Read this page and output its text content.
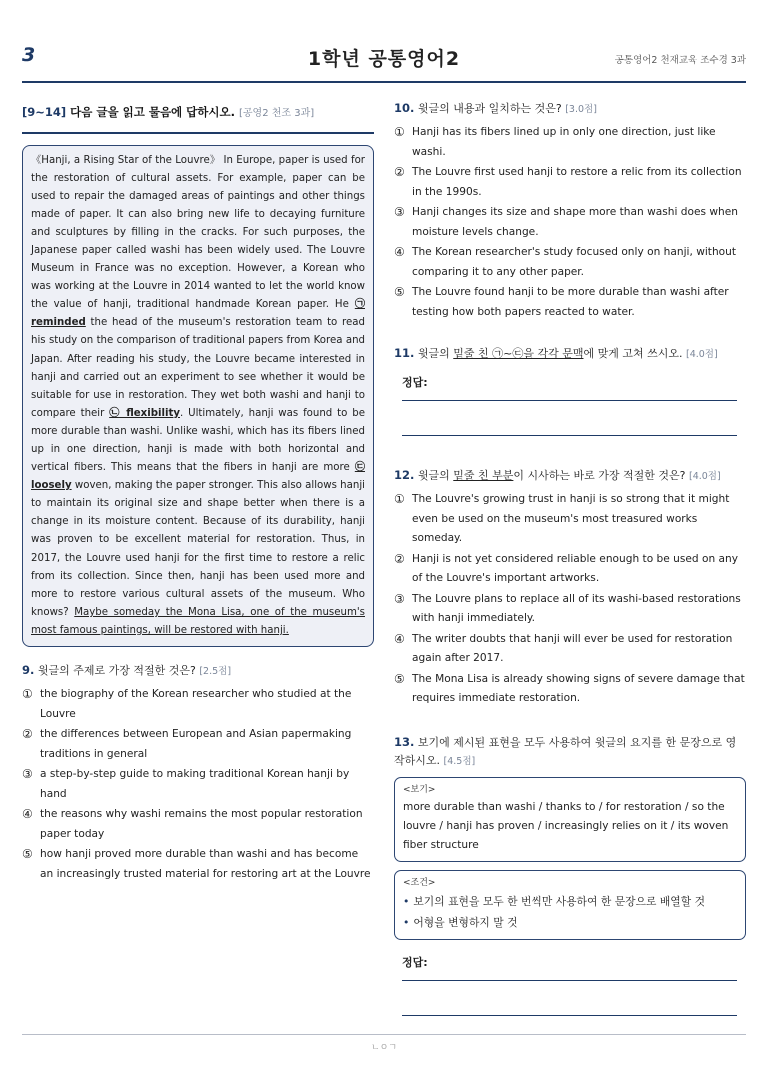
1학년 공통영어2
3	공통영어2 천재교육 조수경 3과
[9~14] 다음 글을 읽고 물음에 답하시오. [공영2 천조 3과]
《Hanji, a Rising Star of the Louvre》 In Europe, paper is used for the restoration of cultural assets. For example, paper can be used to repair the damaged areas of paintings and other things made of paper. It can also bring new life to decaying furniture and sculptures by filling in the cracks. For such purposes, the Japanese paper called washi has been widely used. The Louvre Museum in France was no exception. However, a Korean who was working at the Louvre in 2014 wanted to let the world know the value of hanji, traditional handmade Korean paper. He ㉠ reminded the head of the museum's restoration team to read his study on the comparison of traditional papers from Korea and Japan. After reading his study, the Louvre became interested in hanji and carried out an experiment to see whether it would be suitable for use in restoration. They wet both washi and hanji to compare their ㉡ flexibility. Ultimately, hanji was found to be more durable than washi. Unlike washi, which has its fibers lined up in one direction, hanji is made with both horizontal and vertical fibers. This means that the fibers in hanji are more ㉢ loosely woven, making the paper stronger. This also allows hanji to maintain its original size and shape better when there is a change in its moisture content. Because of its durability, hanji was proven to be excellent material for restoration. Thus, in 2017, the Louvre used hanji for the first time to restore a relic from its collection. Since then, hanji has been used more and more to restore various cultural assets of the museum. Who knows? Maybe someday the Mona Lisa, one of the museum's most famous paintings, will be restored with hanji.
9. 윗글의 주제로 가장 적절한 것은? [2.5점]
① the biography of the Korean researcher who studied at the Louvre
② the differences between European and Asian papermaking traditions in general
③ a step-by-step guide to making traditional Korean hanji by hand
④ the reasons why washi remains the most popular restoration paper today
⑤ how hanji proved more durable than washi and has become an increasingly trusted material for restoring art at the Louvre
10. 윗글의 내용과 일치하는 것은? [3.0점]
① Hanji has its fibers lined up in only one direction, just like washi.
② The Louvre first used hanji to restore a relic from its collection in the 1990s.
③ Hanji changes its size and shape more than washi does when moisture levels change.
④ The Korean researcher's study focused only on hanji, without comparing it to any other paper.
⑤ The Louvre found hanji to be more durable than washi after testing how both papers reacted to water.
11. 윗글의 밑줄 친 ㉠~㉢을 각각 문맥에 맞게 고쳐 쓰시오. [4.0점]
정답:
12. 윗글의 밑줄 친 부분이 시사하는 바로 가장 적절한 것은? [4.0점]
① The Louvre's growing trust in hanji is so strong that it might even be used on the museum's most treasured works someday.
② Hanji is not yet considered reliable enough to be used on any of the Louvre's important artworks.
③ The Louvre plans to replace all of its washi-based restorations with hanji immediately.
④ The writer doubts that hanji will ever be used for restoration again after 2017.
⑤ The Mona Lisa is already showing signs of severe damage that requires immediate restoration.
13. 보기에 제시된 표현을 모두 사용하여 윗글의 요지를 한 문장으로 영작하시오. [4.5점]
<보기>
more durable than washi / thanks to / for restoration / so the louvre / hanji has proven / increasingly relies on it / its woven fiber structure
<조건>
• 보기의 표현을 모두 한 번씩만 사용하여 한 문장으로 배열할 것
• 어형을 변형하지 말 것
정답:
ㄴㅇㄱ
